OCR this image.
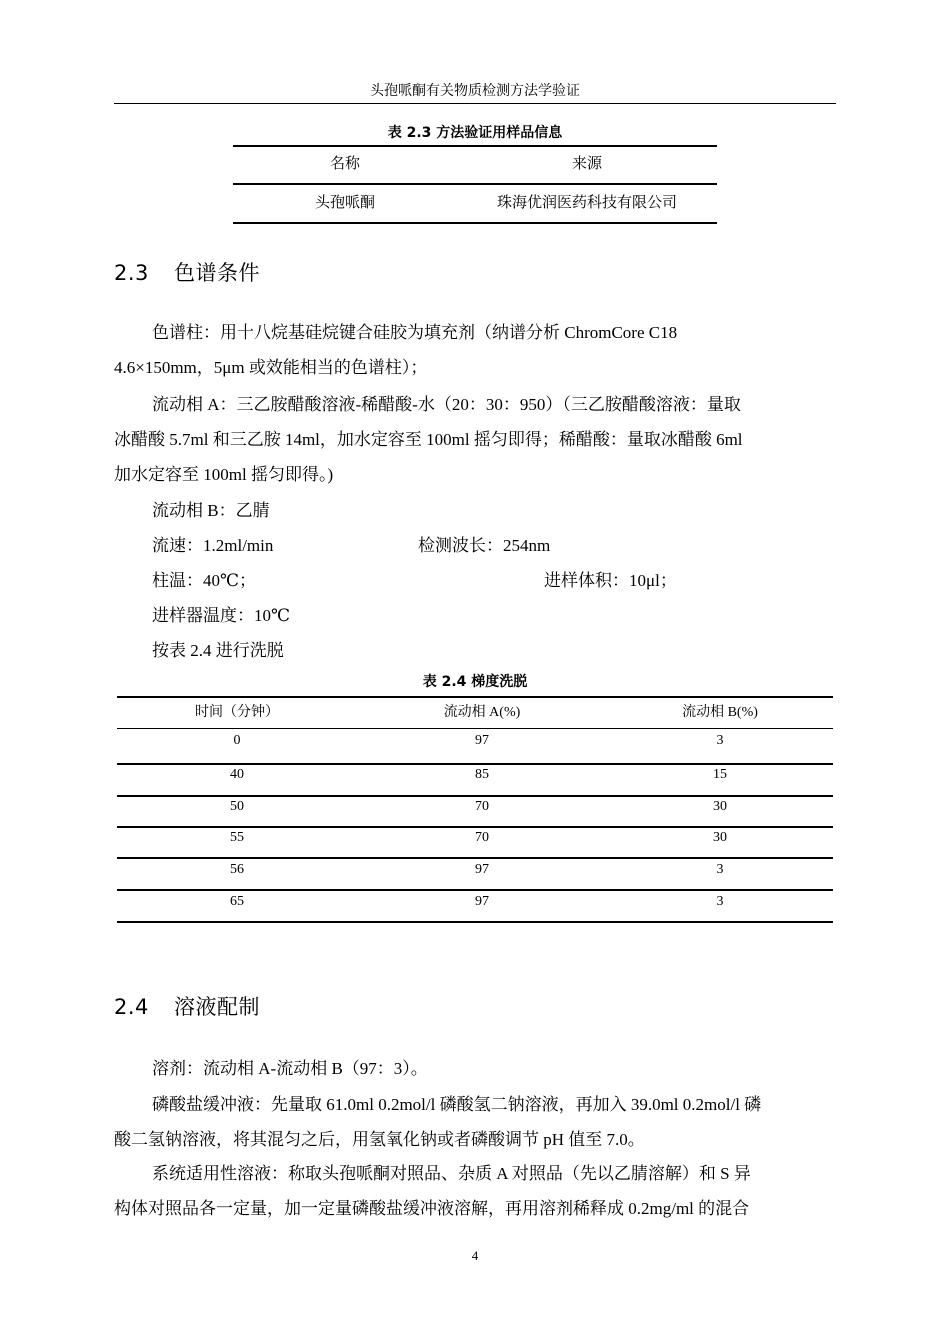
头孢哌酮有关物质检测方法学验证
表 2.3 方法验证用样品信息
名称	来源
头孢哌酮	珠海优润医药科技有限公司
2.3 色谱条件
色谱柱：用十八烷基硅烷键合硅胶为填充剂（纳谱分析 ChromCore C18
4.6×150mm，5μm 或效能相当的色谱柱）；
流动相 A：三乙胺醋酸溶液-稀醋酸-水（20：30：950）（三乙胺醋酸溶液：量取
冰醋酸 5.7ml 和三乙胺 14ml，加水定容至 100ml 摇匀即得；稀醋酸：量取冰醋酸 6ml
加水定容至 100ml 摇匀即得。)
流动相 B：乙腈
流速：1.2ml/min	检测波长：254nm
柱温：40℃；	进样体积：10μl；
进样器温度：10℃
按表 2.4 进行洗脱
表 2.4 梯度洗脱
时间（分钟）	流动相 A(%)	流动相 B(%)
0	97	3
40	85	15
50	70	30
55	70	30
56	97	3
65	97	3
2.4 溶液配制
溶剂：流动相 A-流动相 B（97：3）。
磷酸盐缓冲液：先量取 61.0ml 0.2mol/l 磷酸氢二钠溶液，再加入 39.0ml 0.2mol/l 磷
酸二氢钠溶液，将其混匀之后，用氢氧化钠或者磷酸调节 pH 值至 7.0。
系统适用性溶液：称取头孢哌酮对照品、杂质 A 对照品（先以乙腈溶解）和 S 异
构体对照品各一定量，加一定量磷酸盐缓冲液溶解，再用溶剂稀释成 0.2mg/ml 的混合
4
